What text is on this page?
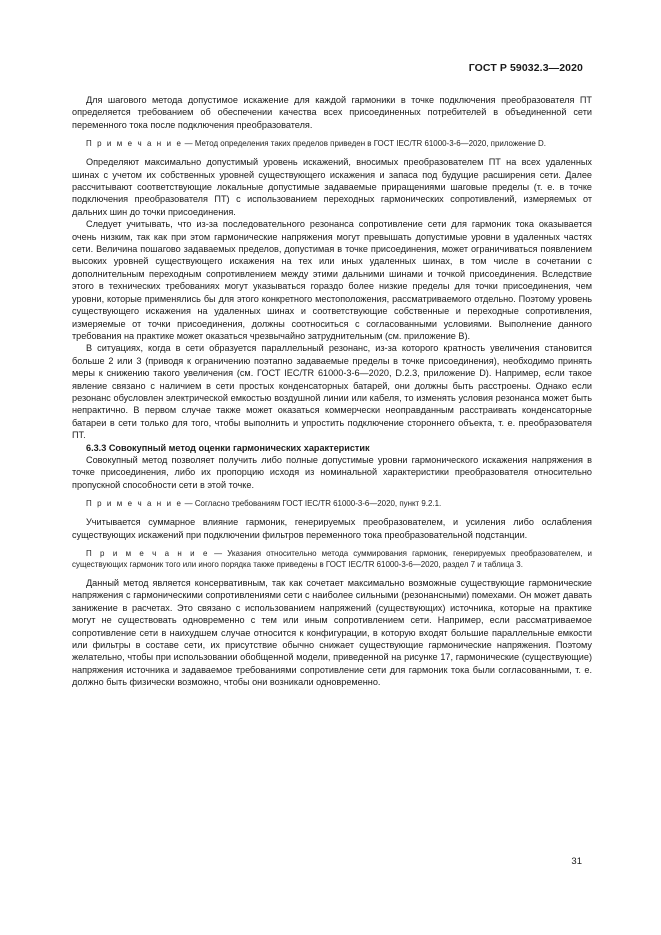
ГОСТ Р 59032.3—2020

Для шагового метода допустимое искажение для каждой гармоники в точке подключения преобразователя ПТ определяется требованием об обеспечении качества всех присоединенных потребителей в объединенной сети переменного тока после подключения преобразователя.

П р и м е ч а н и е — Метод определения таких пределов приведен в ГОСТ IEC/TR 61000-3-6—2020, приложение D.

Определяют максимально допустимый уровень искажений, вносимых преобразователем ПТ на всех удаленных шинах с учетом их собственных уровней существующего искажения и запаса под будущие расширения сети. Далее рассчитывают соответствующие локальные допустимые задаваемые приращениями шаговые пределы (т. е. в точке подключения преобразователя ПТ) с использованием переходных гармонических сопротивлений, измеряемых от дальних шин до точки присоединения.

Следует учитывать, что из-за последовательного резонанса сопротивление сети для гармоник тока оказывается очень низким, так как при этом гармонические напряжения могут превышать допустимые уровни в удаленных частях сети. Величина пошагово задаваемых пределов, допустимая в точке присоединения, может ограничиваться появлением высоких уровней существующего искажения на тех или иных удаленных шинах, в том числе в сочетании с дополнительным переходным сопротивлением между этими дальними шинами и точкой присоединения. Вследствие этого в технических требованиях могут указываться гораздо более низкие пределы для точки присоединения, чем уровни, которые применялись бы для этого конкретного местоположения, рассматриваемого отдельно. Поэтому уровень существующего искажения на удаленных шинах и соответствующие собственные и переходные сопротивления, измеряемые от точки присоединения, должны соотноситься с согласованными условиями. Выполнение данного требования на практике может оказаться чрезвычайно затруднительным (см. приложение В).

В ситуациях, когда в сети образуется параллельный резонанс, из-за которого кратность увеличения становится больше 2 или 3 (приводя к ограничению поэтапно задаваемые пределы в точке присоединения), необходимо принять меры к снижению такого увеличения (см. ГОСТ IEC/TR 61000-3-6—2020, D.2.3, приложение D). Например, если такое явление связано с наличием в сети простых конденсаторных батарей, они должны быть расстроены. Однако если резонанс обусловлен электрической емкостью воздушной линии или кабеля, то изменять условия резонанса может быть непрактично. В первом случае также может оказаться коммерчески неоправданным расстраивать конденсаторные батареи в сети только для того, чтобы выполнить и упростить подключение стороннего объекта, т. е. преобразователя ПТ.

6.3.3 Совокупный метод оценки гармонических характеристик

Совокупный метод позволяет получить либо полные допустимые уровни гармонического искажения напряжения в точке присоединения, либо их пропорцию исходя из номинальной характеристики преобразователя относительно пропускной способности сети в этой точке.

П р и м е ч а н и е — Согласно требованиям ГОСТ IEC/TR 61000-3-6—2020, пункт 9.2.1.

Учитывается суммарное влияние гармоник, генерируемых преобразователем, и усиления либо ослабления существующих искажений при подключении фильтров переменного тока преобразовательной подстанции.

П р и м е ч а н и е — Указания относительно метода суммирования гармоник, генерируемых преобразователем, и существующих гармоник того или иного порядка также приведены в ГОСТ IEC/TR 61000-3-6—2020, раздел 7 и таблица 3.

Данный метод является консервативным, так как сочетает максимально возможные существующие гармонические напряжения с гармоническими сопротивлениями сети с наиболее сильными (резонансными) помехами. Он может давать занижение в расчетах. Это связано с использованием напряжений (существующих) источника, которые на практике могут не существовать одновременно с тем или иным сопротивлением сети. Например, если рассматриваемое сопротивление сети в наихудшем случае относится к конфигурации, в которую входят большие параллельные емкости или фильтры в составе сети, их присутствие обычно снижает существующие гармонические напряжения. Поэтому желательно, чтобы при использовании обобщенной модели, приведенной на рисунке 17, гармонические (существующие) напряжения источника и задаваемое требованиями сопротивление сети для гармоник тока были согласованными, т. е. должно быть физически возможно, чтобы они возникали одновременно.

31
